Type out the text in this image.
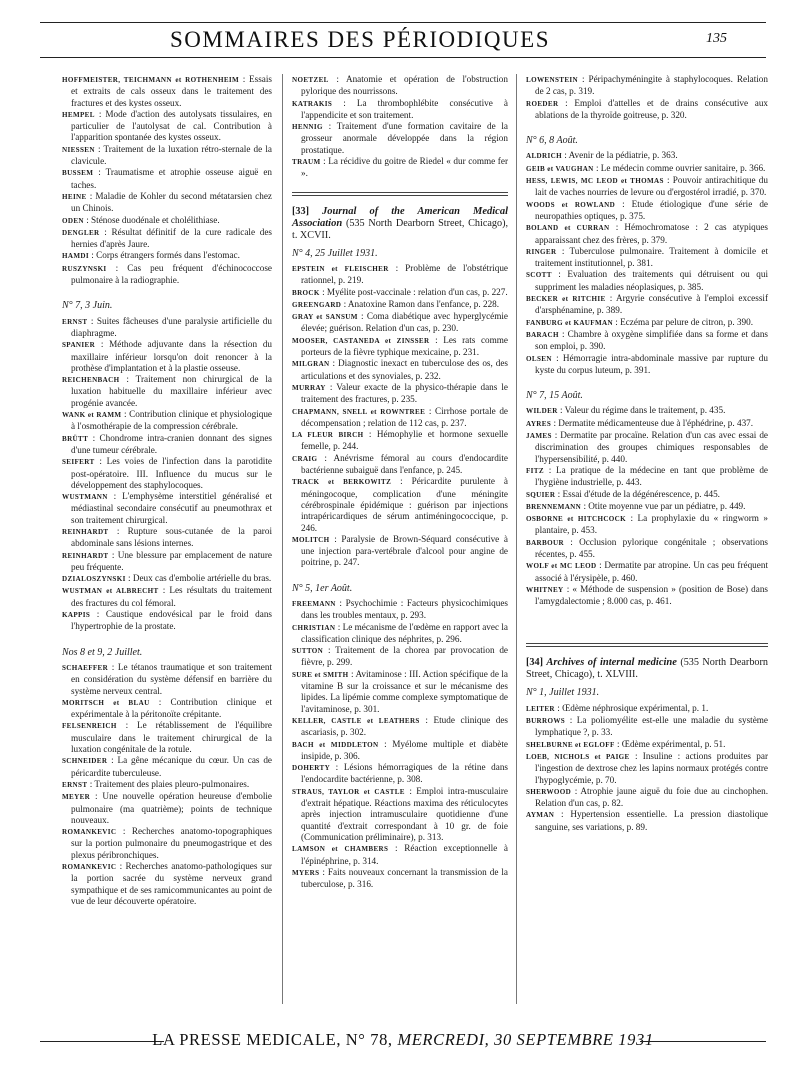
SOMMAIRES DES PÉRIODIQUES	135

HOFFMEISTER, TEICHMANN et ROTHENHEIM : Essais et extraits de cals osseux dans le traitement des fractures et des kystes osseux.

HEMPEL : Mode d'action des autolysats tissulaires, en particulier de l'autolysat de cal. Contribution à l'apparition spontanée des kystes osseux.

NIESSEN : Traitement de la luxation rétro-sternale de la clavicule.

BUSSEM : Traumatisme et atrophie osseuse aiguë en taches.

HEINE : Maladie de Kohler du second métatarsien chez un Chinois.

ODEN : Sténose duodénale et cholélithiase.

DENGLER : Résultat définitif de la cure radicale des hernies d'après Jaure.

HAMDI : Corps étrangers formés dans l'estomac.

RUSZYNSKI : Cas peu fréquent d'échinococcose pulmonaire à la radiographie.

N° 7, 3 Juin.

ERNST : Suites fâcheuses d'une paralysie artificielle du diaphragme.

SPANIER : Méthode adjuvante dans la résection du maxillaire inférieur lorsqu'on doit renoncer à la prothèse d'implantation et à la plastie osseuse.

REICHENBACH : Traitement non chirurgical de la luxation habituelle du maxillaire inférieur avec progénie avancée.

WANK et RAMM : Contribution clinique et physiologique à l'osmothérapie de la compression cérébrale.

BRÜTT : Chondrome intra-cranien donnant des signes d'une tumeur cérébrale.

SEIFERT : Les voies de l'infection dans la parotidite post-opératoire. III. Influence du mucus sur le développement des staphylocoques.

WUSTMANN : L'emphysème interstitiel généralisé et médiastinal secondaire consécutif au pneumothrax et son traitement chirurgical.

REINHARDT : Rupture sous-cutanée de la paroi abdominale sans lésions internes.

REINHARDT : Une blessure par emplacement de nature peu fréquente.

DZIALOSZYNSKI : Deux cas d'embolie artérielle du bras.

WUSTMAN et ALBRECHT : Les résultats du traitement des fractures du col fémoral.

KAPPIS : Caustique endovésical par le froid dans l'hypertrophie de la prostate.

Nos 8 et 9, 2 Juillet.

SCHAEFFER : Le tétanos traumatique et son traitement en considération du système défensif en barrière du système nerveux central.

MORITSCH et BLAU : Contribution clinique et expérimentale à la péritonoïte crépitante.

FELSENREICH : Le rétablissement de l'équilibre musculaire dans le traitement chirurgical de la luxation congénitale de la rotule.

SCHNEIDER : La gêne mécanique du cœur. Un cas de péricardite tuberculeuse.

ERNST : Traitement des plaies pleuro-pulmonaires.

MEYER : Une nouvelle opération heureuse d'embolie pulmonaire (ma quatrième); points de technique nouveaux.

ROMANKEVIC : Recherches anatomo-topographiques sur la portion pulmonaire du pneumogastrique et des plexus péribronchiques.

ROMANKEVIC : Recherches anatomo-pathologiques sur la portion sacrée du système nerveux grand sympathique et de ses ramicommunicantes au point de vue de leur découverte opératoire.

NOETZEL : Anatomie et opération de l'obstruction pylorique des nourrissons.

KATRAKIS : La thrombophlébite consécutive à l'appendicite et son traitement.

HENNIG : Traitement d'une formation cavitaire de la grosseur anormale développée dans la région prostatique.

TRAUM : La récidive du goitre de Riedel « dur comme fer ».

[33] Journal of the American Medical Association (535 North Dearborn Street, Chicago), t. XCVII.

N° 4, 25 Juillet 1931.

EPSTEIN et FLEISCHER : Problème de l'obstétrique rationnel, p. 219.

BROCK : Myélite post-vaccinale : relation d'un cas, p. 227.

GREENGARD : Anatoxine Ramon dans l'enfance, p. 228.

GRAY et SANSUM : Coma diabétique avec hyperglycémie élevée; guérison. Relation d'un cas, p. 230.

MOOSER, CASTANEDA et ZINSSER : Les rats comme porteurs de la fièvre typhique mexicaine, p. 231.

MILGRAN : Diagnostic inexact en tuberculose des os, des articulations et des synoviales, p. 232.

MURRAY : Valeur exacte de la physico-thérapie dans le traitement des fractures, p. 235.

CHAPMANN, SNELL et ROWNTREE : Cirrhose portale de décompensation ; relation de 112 cas, p. 237.

LA FLEUR BIRCH : Hémophylie et hormone sexuelle femelle, p. 244.

CRAIG : Anévrisme fémoral au cours d'endocardite bactérienne subaiguë dans l'enfance, p. 245.

TRACK et BERKOWITZ : Péricardite purulente à méningocoque, complication d'une méningite cérébrospinale épidémique : guérison par injections intrapéricardiques de sérum antiméningococcique, p. 246.

MOLITCH : Paralysie de Brown-Séquard consécutive à une injection para-vertébrale d'alcool pour angine de poitrine, p. 247.

N° 5, 1er Août.

FREEMANN : Psychochimie : Facteurs physicochimiques dans les troubles mentaux, p. 293.

CHRISTIAN : Le mécanisme de l'œdème en rapport avec la classification clinique des néphrites, p. 296.

SUTTON : Traitement de la chorea par provocation de fièvre, p. 299.

SURE et SMITH : Avitaminose : III. Action spécifique de la vitamine B sur la croissance et sur le mécanisme des lipides. La lipémie comme complexe symptomatique de l'avitaminose, p. 301.

KELLER, CASTLE et LEATHERS : Etude clinique des ascariasis, p. 302.

BACH et MIDDLETON : Myélome multiple et diabète insipide, p. 306.

DOHERTY : Lésions hémorragiques de la rétine dans l'endocardite bactérienne, p. 308.

STRAUS, TAYLOR et CASTLE : Emploi intra-musculaire d'extrait hépatique. Réactions maxima des réticulocytes après injection intramusculaire quotidienne d'une quantité d'extrait correspondant à 10 gr. de foie (Communication préliminaire), p. 313.

LAMSON et CHAMBERS : Réaction exceptionnelle à l'épinéphrine, p. 314.

MYERS : Faits nouveaux concernant la transmission de la tuberculose, p. 316.

LOWENSTEIN : Péripachyméningite à staphylocoques. Relation de 2 cas, p. 319.

ROEDER : Emploi d'attelles et de drains consécutive aux ablations de la thyroïde goitreuse, p. 320.

N° 6, 8 Août.

ALDRICH : Avenir de la pédiatrie, p. 363.

GEIB et VAUGHAN : Le médecin comme ouvrier sanitaire, p. 366.

HESS, LEWIS, MC LEOD et THOMAS : Pouvoir antirachitique du lait de vaches nourries de levure ou d'ergostérol irradié, p. 370.

WOODS et ROWLAND : Etude étiologique d'une série de neuropathies optiques, p. 375.

BOLAND et CURRAN : Hémochromatose : 2 cas atypiques apparaissant chez des frères, p. 379.

RINGER : Tuberculose pulmonaire. Traitement à domicile et traitement institutionnel, p. 381.

SCOTT : Evaluation des traitements qui détruisent ou qui suppriment les maladies néoplasiques, p. 385.

BECKER et RITCHIE : Argyrie consécutive à l'emploi excessif d'arsphénamine, p. 389.

FANBURG et KAUFMAN : Eczéma par pelure de citron, p. 390.

BARACH : Chambre à oxygène simplifiée dans sa forme et dans son emploi, p. 390.

OLSEN : Hémorragie intra-abdominale massive par rupture du kyste du corpus luteum, p. 391.

N° 7, 15 Août.

WILDER : Valeur du régime dans le traitement, p. 435.

AYRES : Dermatite médicamenteuse due à l'éphédrine, p. 437.

JAMES : Dermatite par procaïne. Relation d'un cas avec essai de discrimination des groupes chimiques responsables de l'hypersensibilité, p. 440.

FITZ : La pratique de la médecine en tant que problème de l'hygiène industrielle, p. 443.

SQUIER : Essai d'étude de la dégénérescence, p. 445.

BRENNEMANN : Otite moyenne vue par un pédiatre, p. 449.

OSBORNE et HITCHCOCK : La prophylaxie du « ringworm » plantaire, p. 453.

BARBOUR : Occlusion pylorique congénitale ; observations récentes, p. 455.

WOLF et MC LEOD : Dermatite par atropine. Un cas peu fréquent associé à l'érysipèle, p. 460.

WHITNEY : « Méthode de suspension » (position de Bose) dans l'amygdalectomie ; 8.000 cas, p. 461.

[34] Archives of internal medicine (535 North Dearborn Street, Chicago), t. XLVIII.

N° 1, Juillet 1931.

LEITER : Œdème néphrosique expérimental, p. 1.

BURROWS : La poliomyélite est-elle une maladie du système lymphatique ?, p. 33.

SHELBURNE et EGLOFF : Œdème expérimental, p. 51.

LOEB, NICHOLS et PAIGE : Insuline : actions produites par l'ingestion de dextrose chez les lapins normaux protégés contre l'hypoglycémie, p. 70.

SHERWOOD : Atrophie jaune aiguë du foie due au cinchophen. Relation d'un cas, p. 82.

AYMAN : Hypertension essentielle. La pression diastolique sanguine, ses variations, p. 89.

LA PRESSE MEDICALE, N° 78, MERCREDI, 30 SEPTEMBRE 1931
